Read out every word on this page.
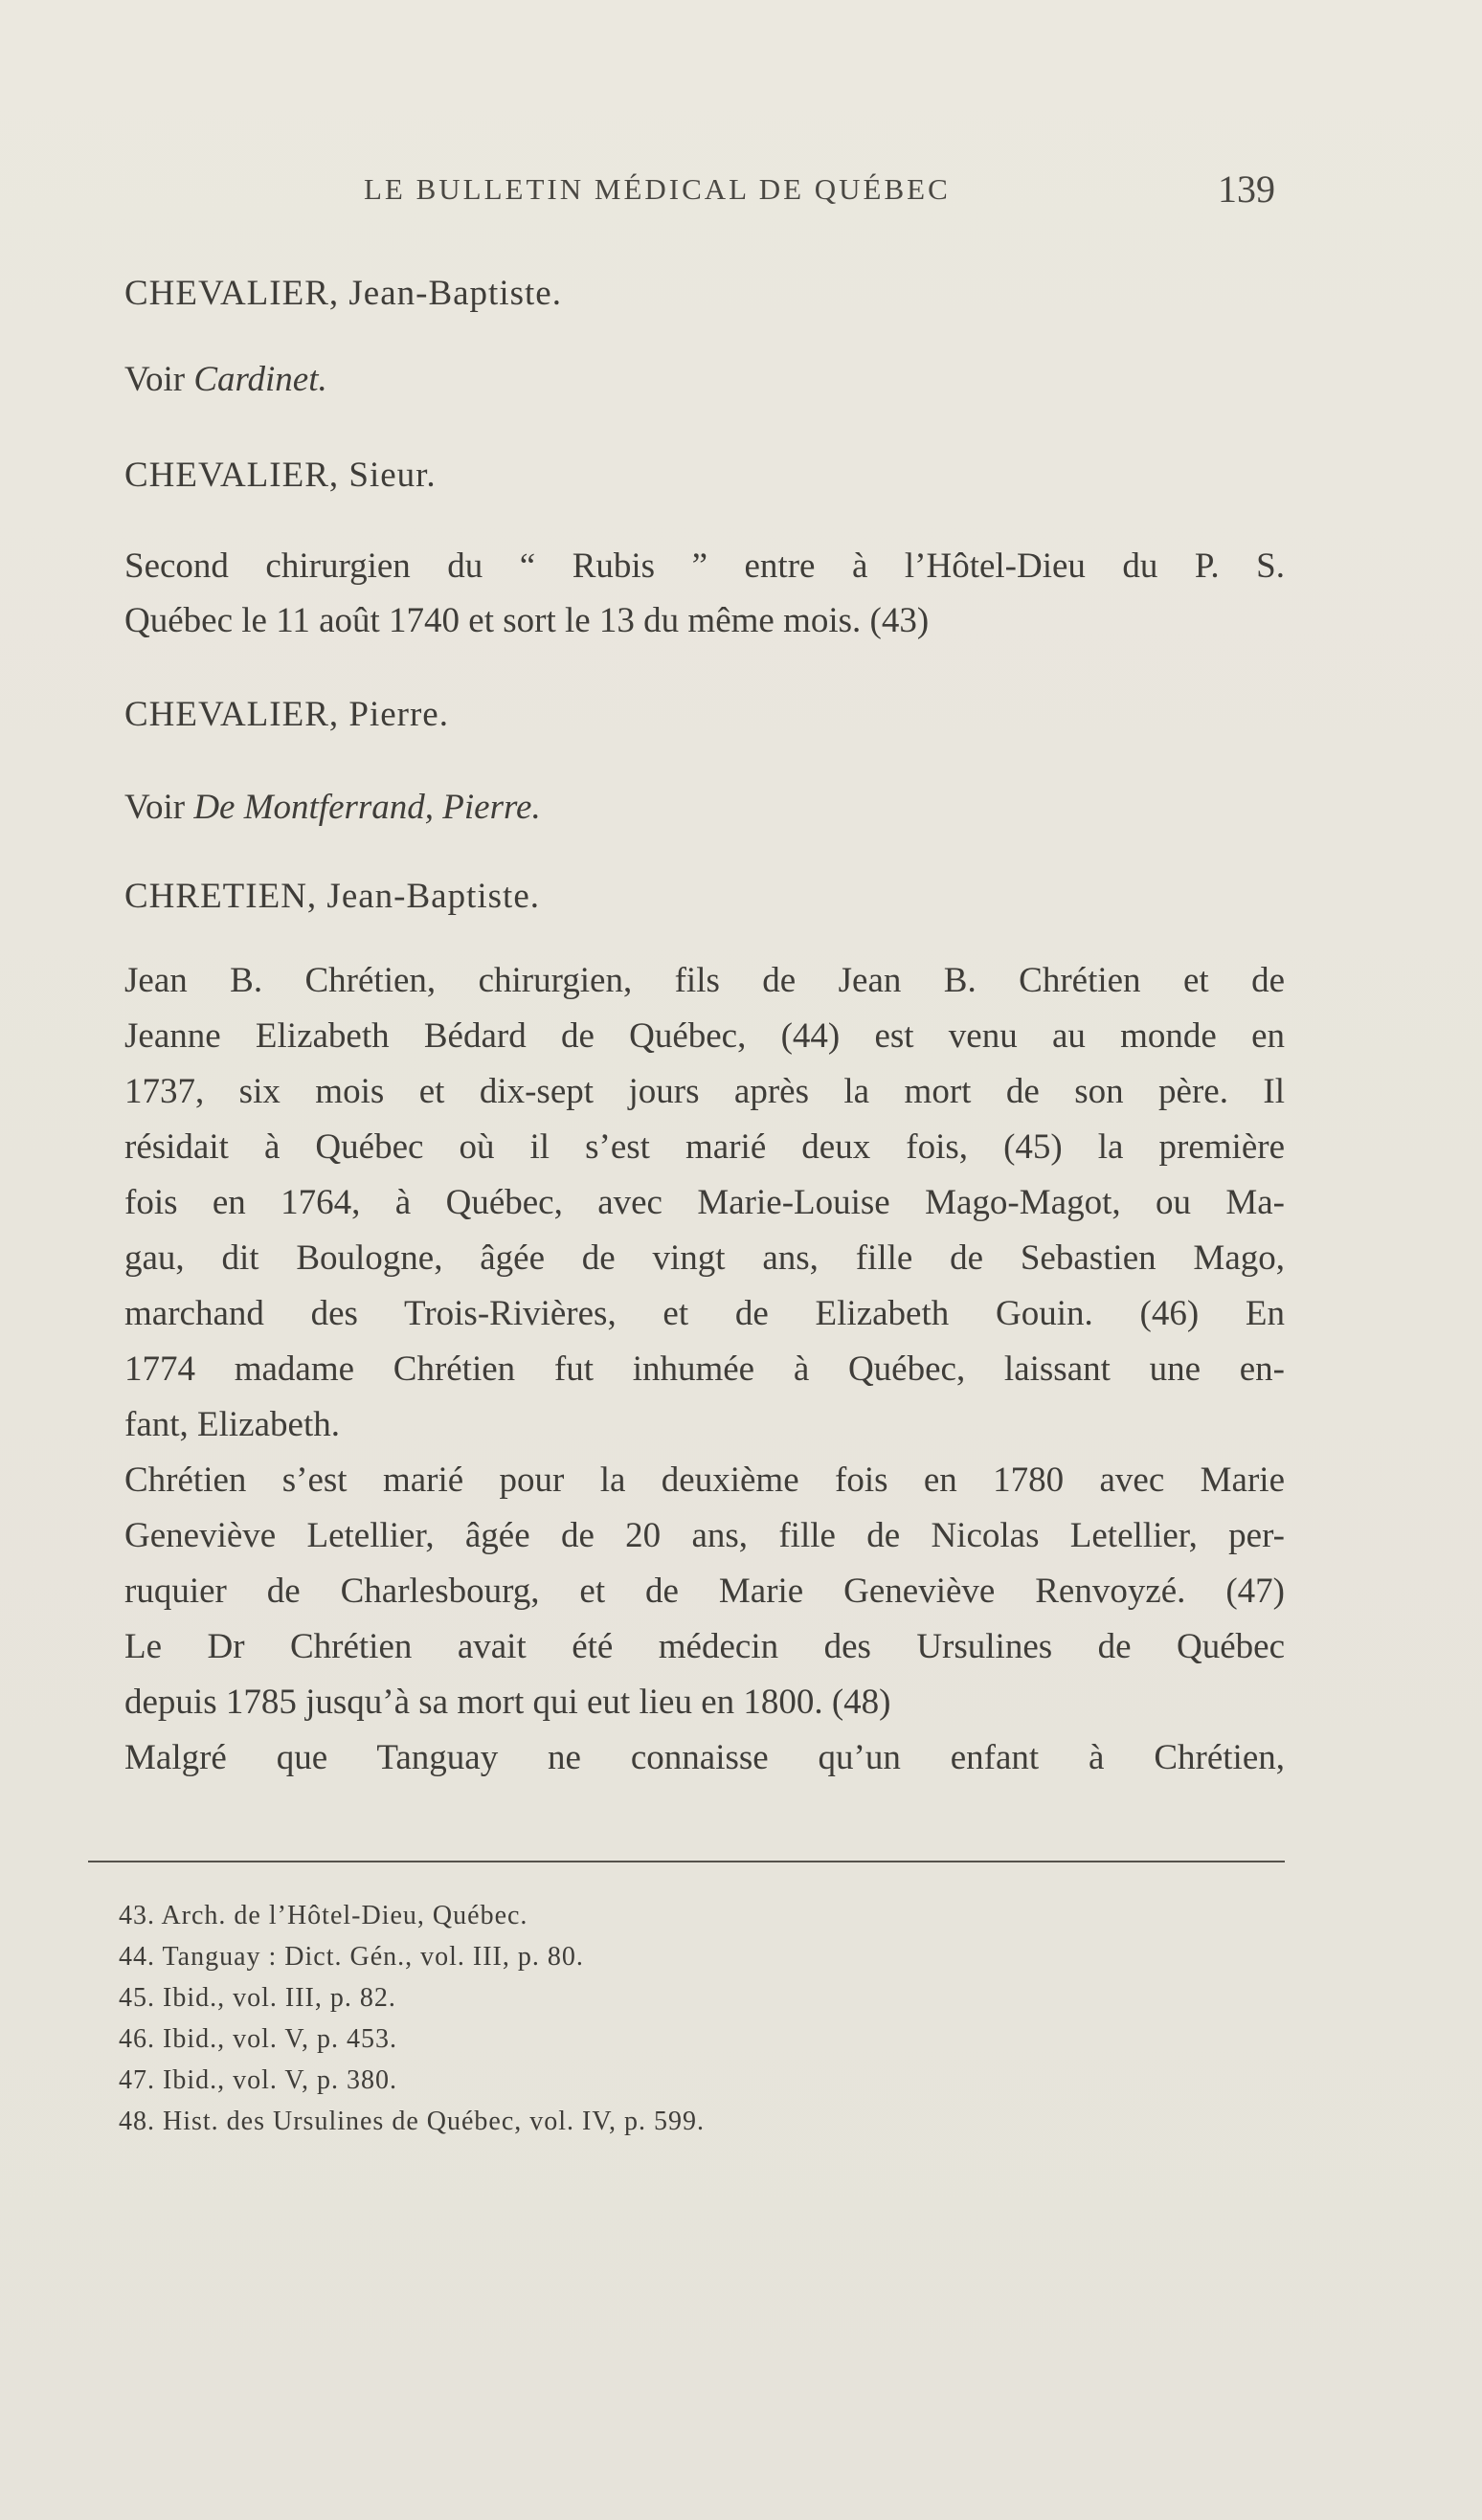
LE BULLETIN MÉDICAL DE QUÉBEC	139
CHEVALIER, Jean-Baptiste.
Voir Cardinet.
CHEVALIER, Sieur.
Second chirurgien du “ Rubis ” entre à l’Hôtel-Dieu du P. S.
Québec le 11 août 1740 et sort le 13 du même mois. (43)
CHEVALIER, Pierre.
Voir De Montferrand, Pierre.
CHRETIEN, Jean-Baptiste.
Jean B. Chrétien, chirurgien, fils de Jean B. Chrétien et de
Jeanne Elizabeth Bédard de Québec, (44) est venu au monde en
1737, six mois et dix-sept jours après la mort de son père. Il
résidait à Québec où il s’est marié deux fois, (45) la première
fois en 1764, à Québec, avec Marie-Louise Mago-Magot, ou Ma-
gau, dit Boulogne, âgée de vingt ans, fille de Sebastien Mago,
marchand des Trois-Rivières, et de Elizabeth Gouin. (46) En
1774 madame Chrétien fut inhumée à Québec, laissant une en-
fant, Elizabeth.
Chrétien s’est marié pour la deuxième fois en 1780 avec Marie
Geneviève Letellier, âgée de 20 ans, fille de Nicolas Letellier, per-
ruquier de Charlesbourg, et de Marie Geneviève Renvoyzé. (47)
Le Dr Chrétien avait été médecin des Ursulines de Québec
depuis 1785 jusqu’à sa mort qui eut lieu en 1800. (48)
Malgré que Tanguay ne connaisse qu’un enfant à Chrétien,
43. Arch. de l’Hôtel-Dieu, Québec.
44. Tanguay : Dict. Gén., vol. III, p. 80.
45. Ibid., vol. III, p. 82.
46. Ibid., vol. V, p. 453.
47. Ibid., vol. V, p. 380.
48. Hist. des Ursulines de Québec, vol. IV, p. 599.
